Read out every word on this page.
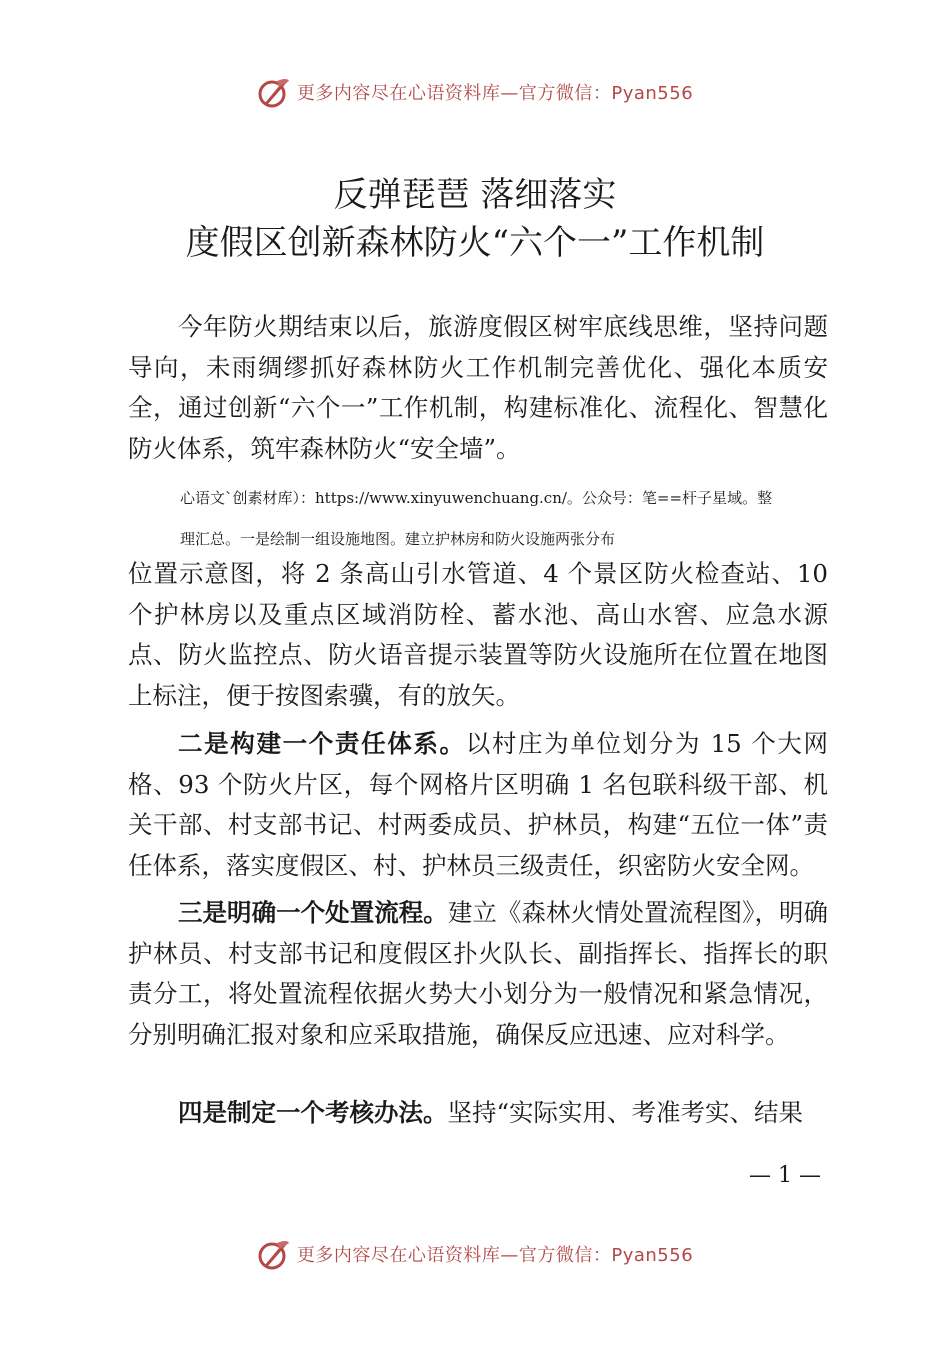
更多内容尽在心语资料库—官方微信：Pyan556
反弹琵琶 落细落实
度假区创新森林防火“六个一”工作机制
今年防火期结束以后，旅游度假区树牢底线思维，坚持问题导向，未雨绸缪抓好森林防火工作机制完善优化、强化本质安全，通过创新“六个一”工作机制，构建标准化、流程化、智慧化防火体系，筑牢森林防火“安全墙”。
心语文`创素材库）：https://www.xinyuwenchuang.cn/。公众号：笔==杆子星域。整
理汇总。一是绘制一组设施地图。建立护林房和防火设施两张分布
位置示意图，将 2 条高山引水管道、4 个景区防火检查站、10 个护林房以及重点区域消防栓、蓄水池、高山水窖、应急水源点、防火监控点、防火语音提示装置等防火设施所在位置在地图上标注，便于按图索骥，有的放矢。
二是构建一个责任体系。以村庄为单位划分为 15 个大网格、93 个防火片区，每个网格片区明确 1 名包联科级干部、机关干部、村支部书记、村两委成员、护林员，构建“五位一体”责任体系，落实度假区、村、护林员三级责任，织密防火安全网。
三是明确一个处置流程。建立《森林火情处置流程图》，明确护林员、村支部书记和度假区扑火队长、副指挥长、指挥长的职责分工，将处置流程依据火势大小划分为一般情况和紧急情况，分别明确汇报对象和应采取措施，确保反应迅速、应对科学。
四是制定一个考核办法。坚持“实际实用、考准考实、结果
— 1 —
更多内容尽在心语资料库—官方微信：Pyan556
